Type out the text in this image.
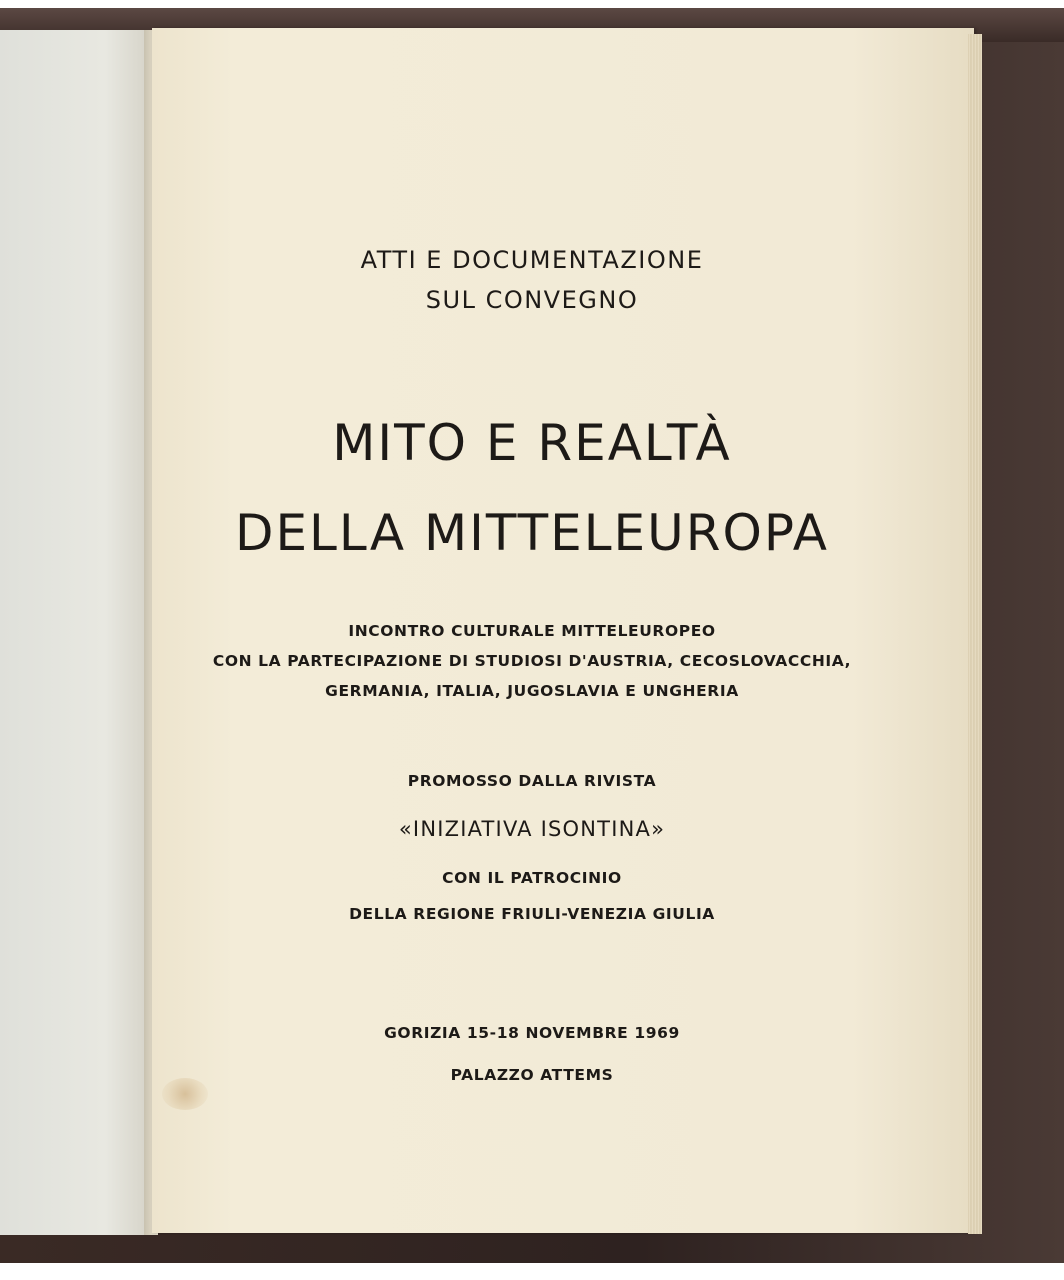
ATTI E DOCUMENTAZIONE
SUL CONVEGNO
MITO E REALTÀ
DELLA MITTELEUROPA
INCONTRO CULTURALE MITTELEUROPEO
CON LA PARTECIPAZIONE DI STUDIOSI D'AUSTRIA, CECOSLOVACCHIA,
GERMANIA, ITALIA, JUGOSLAVIA E UNGHERIA
PROMOSSO DALLA RIVISTA
«INIZIATIVA ISONTINA»
CON IL PATROCINIO
DELLA REGIONE FRIULI-VENEZIA GIULIA
GORIZIA 15-18 NOVEMBRE 1969
PALAZZO ATTEMS
